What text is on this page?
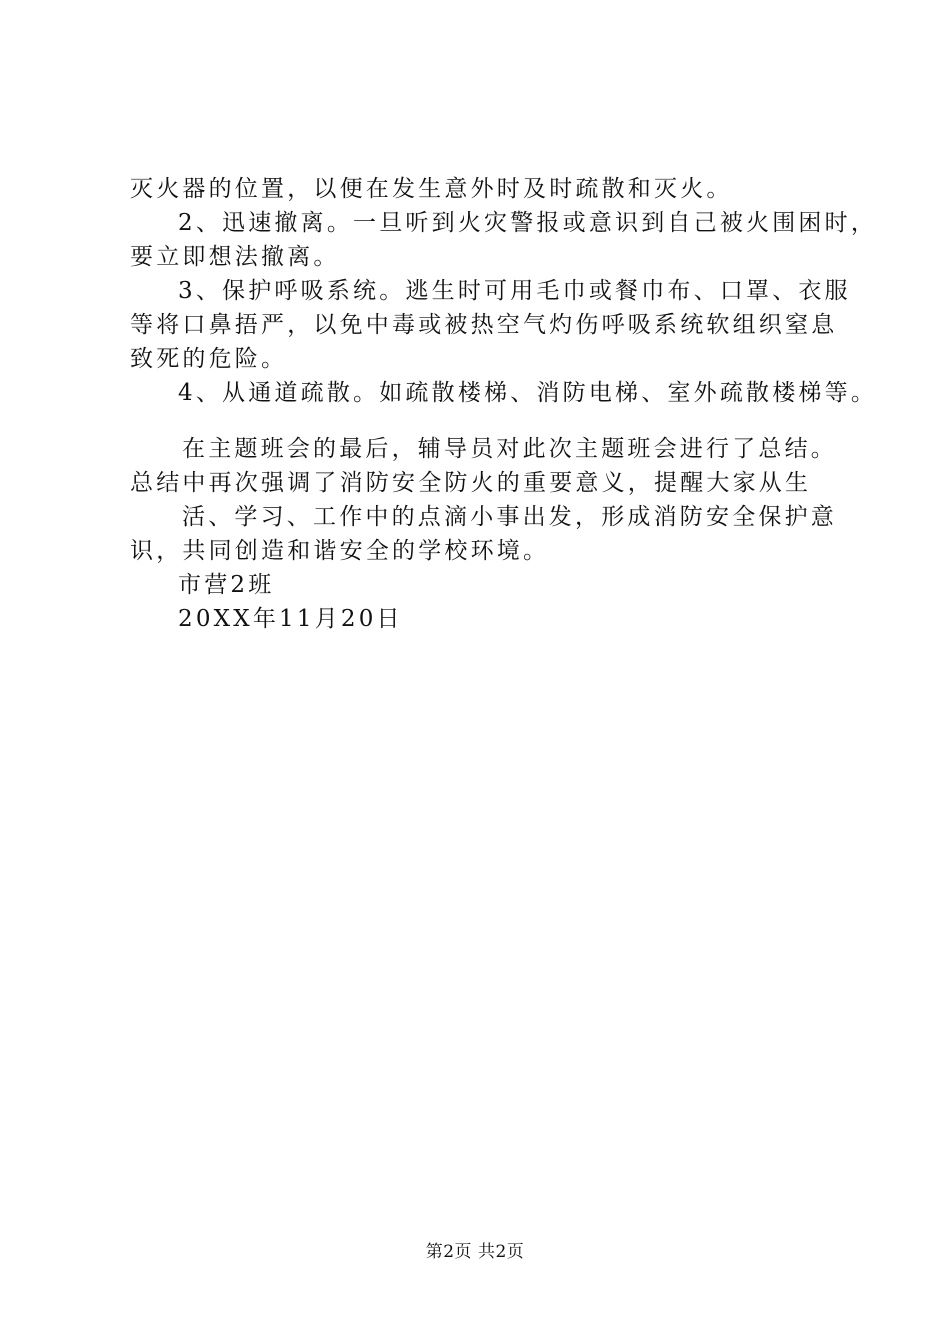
灭火器的位置，以便在发生意外时及时疏散和灭火。
2、迅速撤离。一旦听到火灾警报或意识到自己被火围困时，
要立即想法撤离。
3、保护呼吸系统。逃生时可用毛巾或餐巾布、口罩、衣服
等将口鼻捂严，以免中毒或被热空气灼伤呼吸系统软组织窒息
致死的危险。
4、从通道疏散。如疏散楼梯、消防电梯、室外疏散楼梯等。
在主题班会的最后，辅导员对此次主题班会进行了总结。
总结中再次强调了消防安全防火的重要意义，提醒大家从生
活、学习、工作中的点滴小事出发，形成消防安全保护意
识，共同创造和谐安全的学校环境。
市营2班
20XX年11月20日
第2页 共2页
